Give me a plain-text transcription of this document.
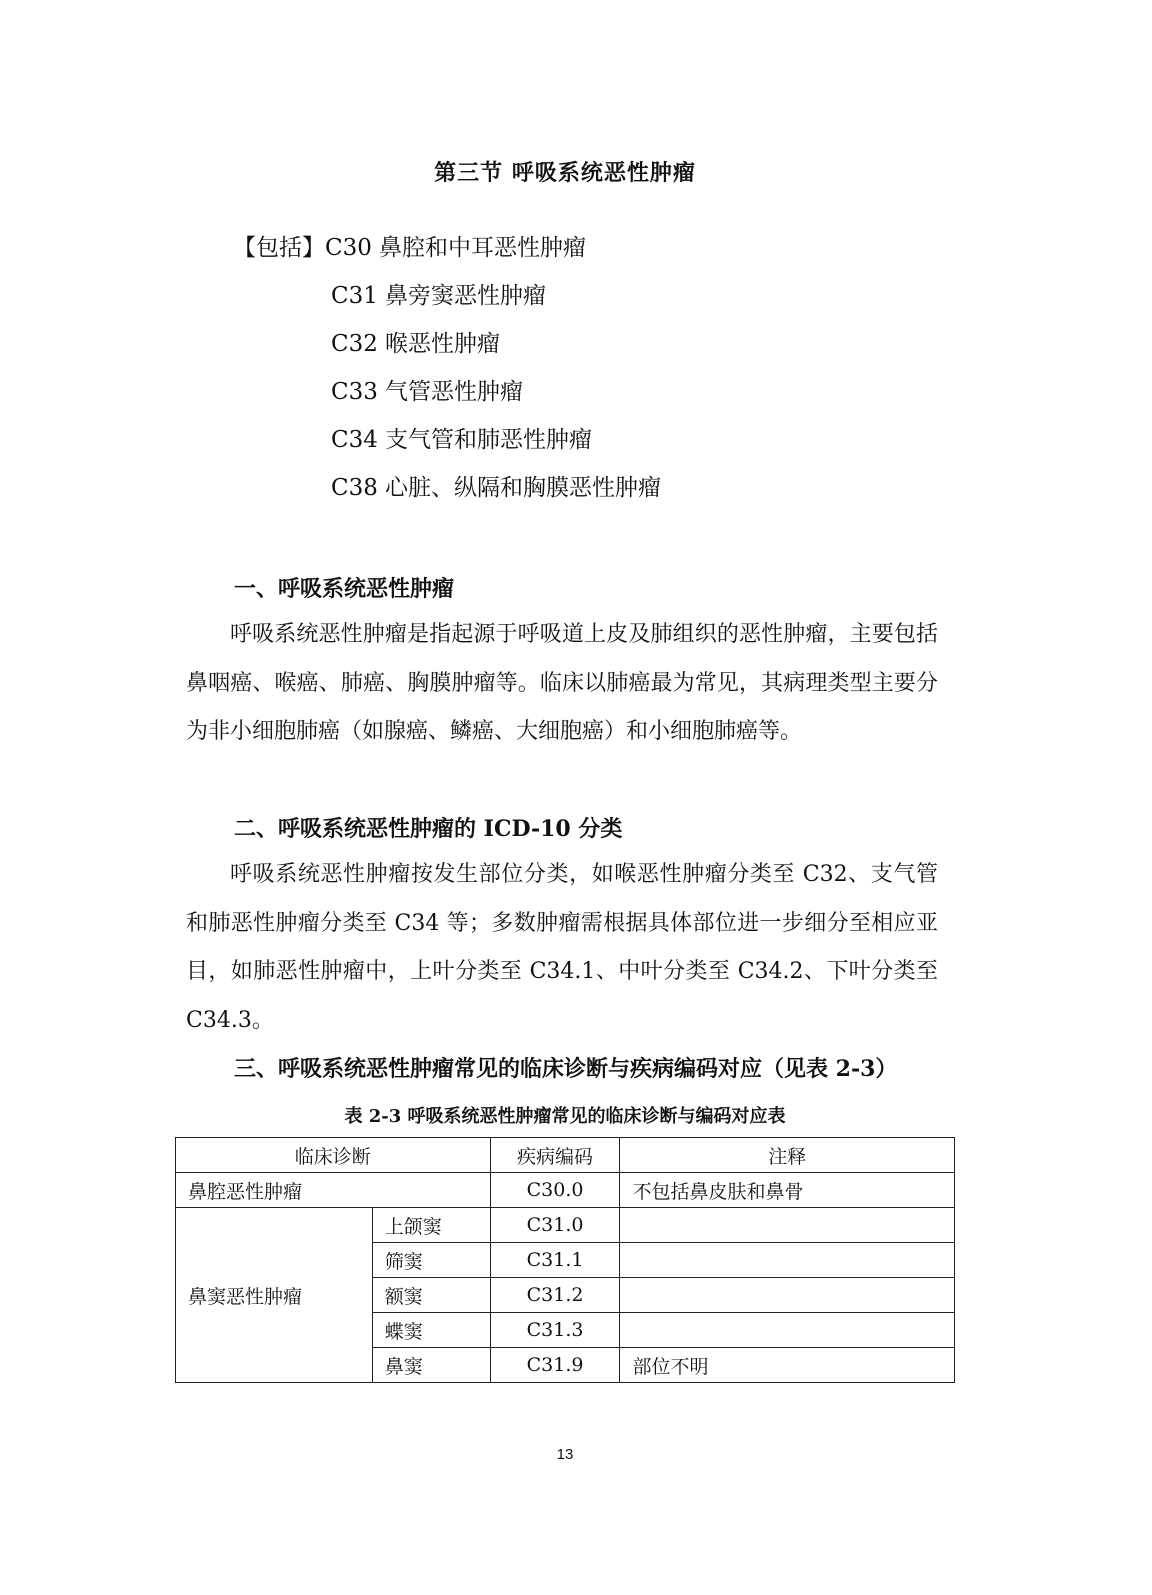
第三节 呼吸系统恶性肿瘤
【包括】C30 鼻腔和中耳恶性肿瘤
C31 鼻旁窦恶性肿瘤
C32 喉恶性肿瘤
C33 气管恶性肿瘤
C34 支气管和肺恶性肿瘤
C38 心脏、纵隔和胸膜恶性肿瘤
一、呼吸系统恶性肿瘤

呼吸系统恶性肿瘤是指起源于呼吸道上皮及肺组织的恶性肿瘤，主要包括鼻咽癌、喉癌、肺癌、胸膜肿瘤等。临床以肺癌最为常见，其病理类型主要分为非小细胞肺癌（如腺癌、鳞癌、大细胞癌）和小细胞肺癌等。

二、呼吸系统恶性肿瘤的 ICD-10 分类

呼吸系统恶性肿瘤按发生部位分类，如喉恶性肿瘤分类至 C32、支气管和肺恶性肿瘤分类至 C34 等；多数肿瘤需根据具体部位进一步细分至相应亚目，如肺恶性肿瘤中，上叶分类至 C34.1、中叶分类至 C34.2、下叶分类至 C34.3。

三、呼吸系统恶性肿瘤常见的临床诊断与疾病编码对应（见表 2-3）
表 2-3 呼吸系统恶性肿瘤常见的临床诊断与编码对应表
临床诊断		疾病编码	注释
鼻腔恶性肿瘤		C30.0	不包括鼻皮肤和鼻骨
鼻窦恶性肿瘤	上颌窦	C31.0	
	筛窦	C31.1	
	额窦	C31.2	
	蝶窦	C31.3	
	鼻窦	C31.9	部位不明
13
